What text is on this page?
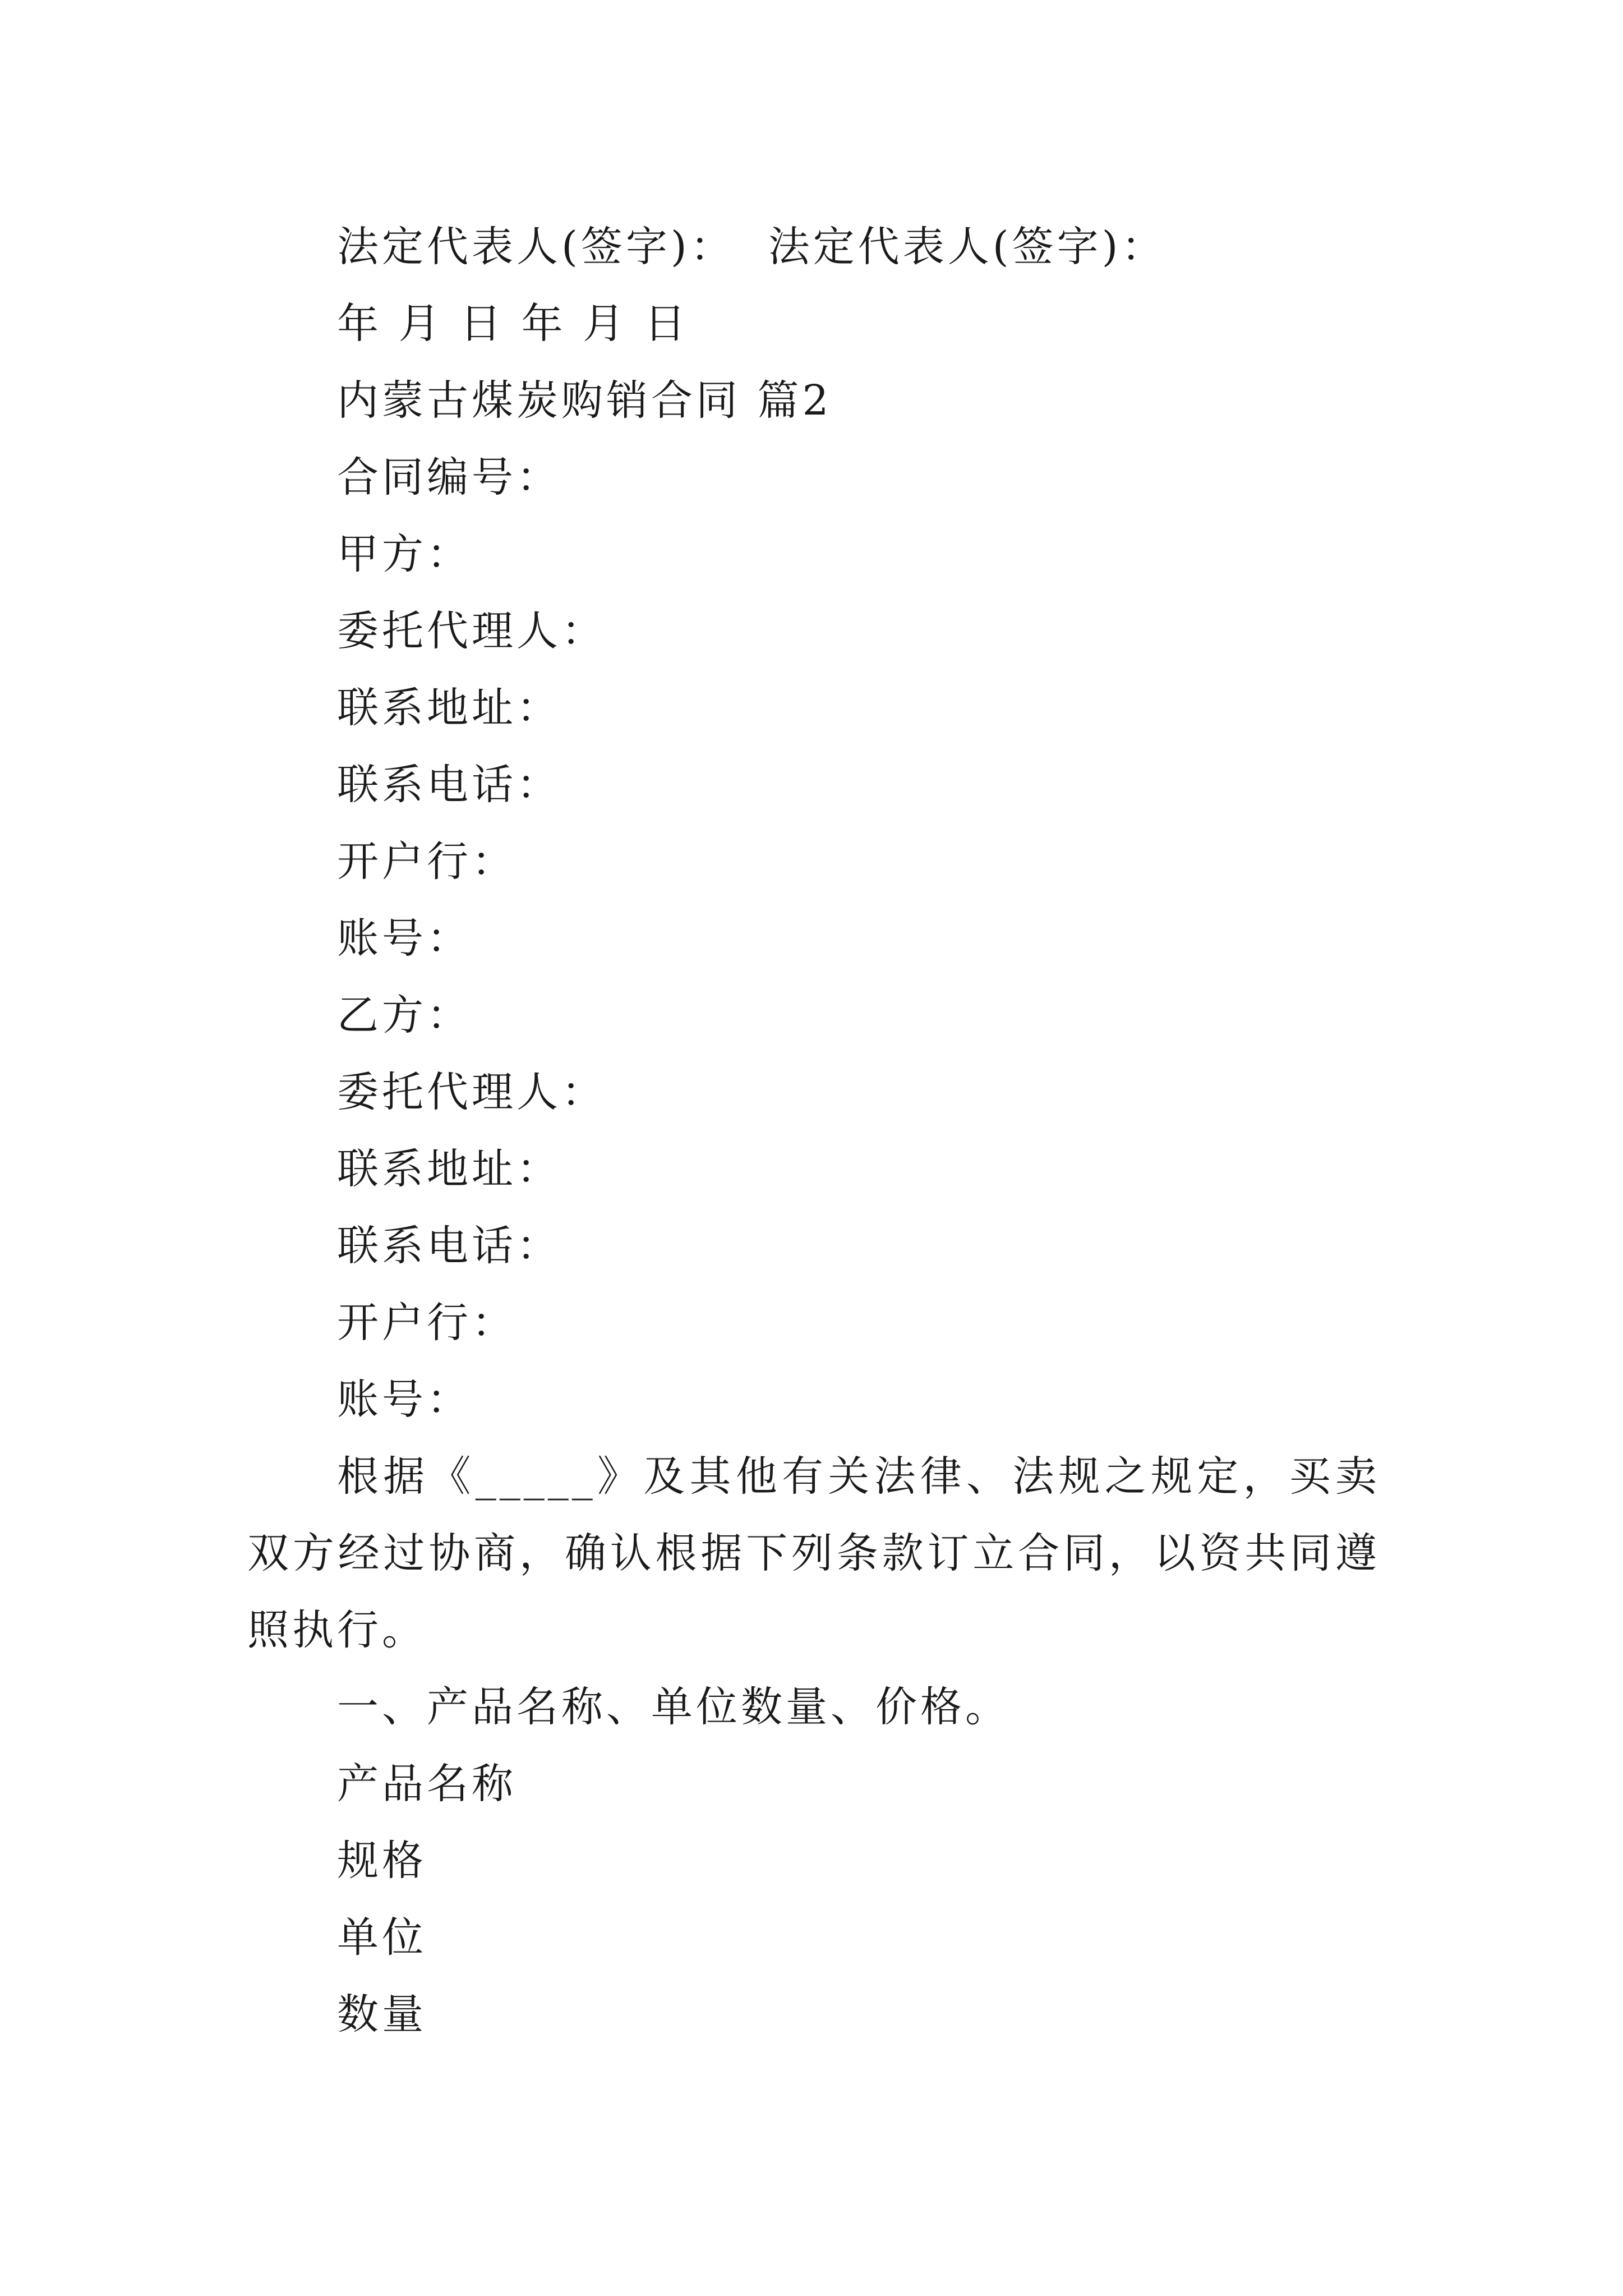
法定代表人(签字)：  法定代表人(签字)：
年 月 日 年 月 日
内蒙古煤炭购销合同 篇2
合同编号：
甲方：
委托代理人：
联系地址：
联系电话：
开户行：
账号：
乙方：
委托代理人：
联系地址：
联系电话：
开户行：
账号：
根据《_____》及其他有关法律、法规之规定，买卖双方经过协商，确认根据下列条款订立合同，以资共同遵照执行。
一、产品名称、单位数量、价格。
产品名称
规格
单位
数量
